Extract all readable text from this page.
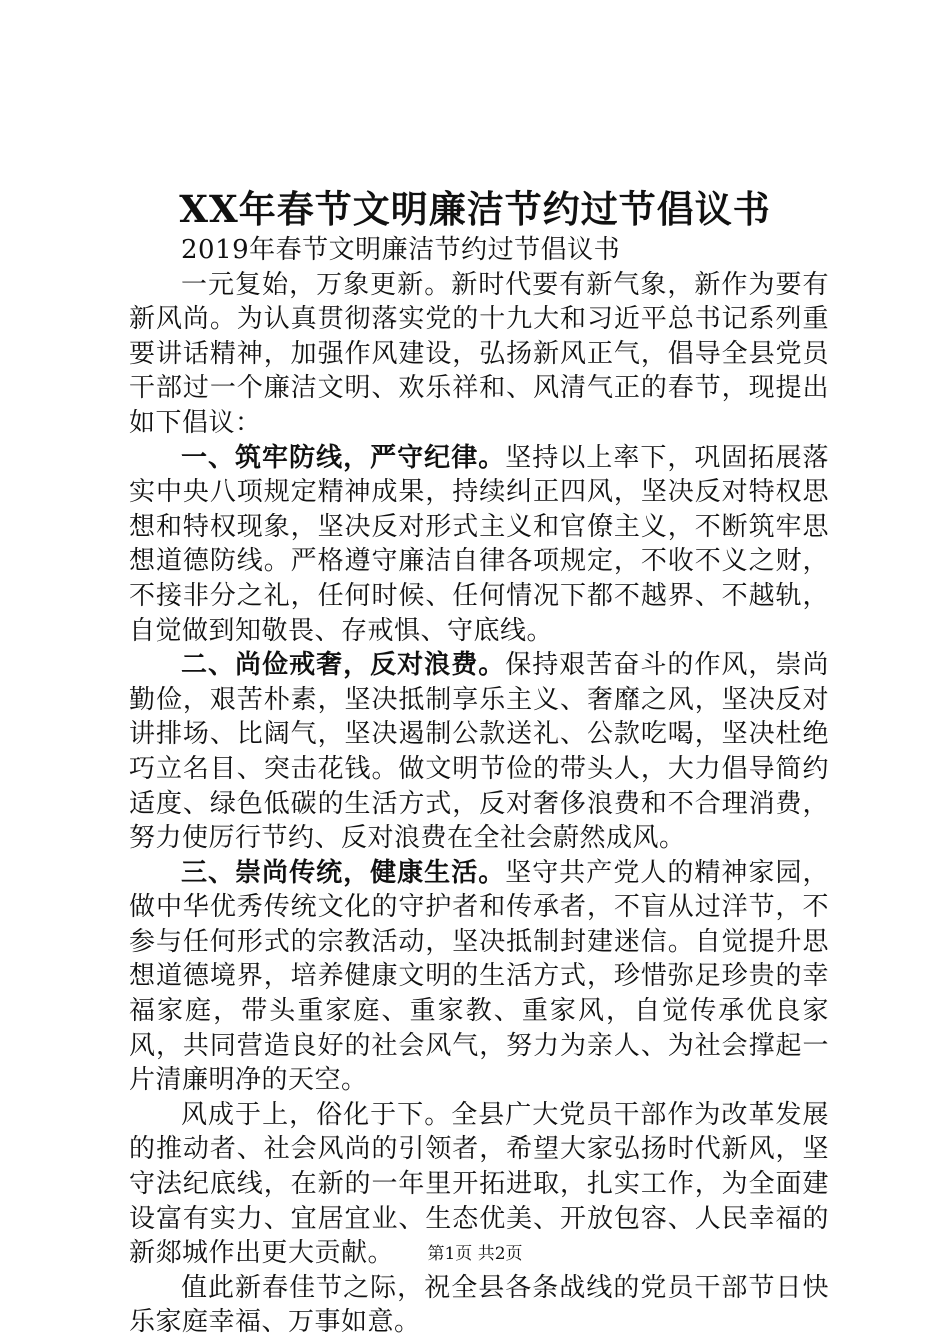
XX年春节文明廉洁节约过节倡议书

2019年春节文明廉洁节约过节倡议书

一元复始，万象更新。新时代要有新气象，新作为要有新风尚。为认真贯彻落实党的十九大和习近平总书记系列重要讲话精神，加强作风建设，弘扬新风正气，倡导全县党员干部过一个廉洁文明、欢乐祥和、风清气正的春节，现提出如下倡议：

一、筑牢防线，严守纪律。坚持以上率下，巩固拓展落实中央八项规定精神成果，持续纠正四风，坚决反对特权思想和特权现象，坚决反对形式主义和官僚主义，不断筑牢思想道德防线。严格遵守廉洁自律各项规定，不收不义之财，不接非分之礼，任何时候、任何情况下都不越界、不越轨，自觉做到知敬畏、存戒惧、守底线。

二、尚俭戒奢，反对浪费。保持艰苦奋斗的作风，崇尚勤俭，艰苦朴素，坚决抵制享乐主义、奢靡之风，坚决反对讲排场、比阔气，坚决遏制公款送礼、公款吃喝，坚决杜绝巧立名目、突击花钱。做文明节俭的带头人，大力倡导简约适度、绿色低碳的生活方式，反对奢侈浪费和不合理消费，努力使厉行节约、反对浪费在全社会蔚然成风。

三、崇尚传统，健康生活。坚守共产党人的精神家园，做中华优秀传统文化的守护者和传承者，不盲从过洋节，不参与任何形式的宗教活动，坚决抵制封建迷信。自觉提升思想道德境界，培养健康文明的生活方式，珍惜弥足珍贵的幸福家庭，带头重家庭、重家教、重家风，自觉传承优良家风，共同营造良好的社会风气，努力为亲人、为社会撑起一片清廉明净的天空。

风成于上，俗化于下。全县广大党员干部作为改革发展的推动者、社会风尚的引领者，希望大家弘扬时代新风，坚守法纪底线，在新的一年里开拓进取，扎实工作，为全面建设富有实力、宜居宜业、生态优美、开放包容、人民幸福的新郯城作出更大贡献。

值此新春佳节之际，祝全县各条战线的党员干部节日快乐家庭幸福、万事如意。

第1页 共2页
